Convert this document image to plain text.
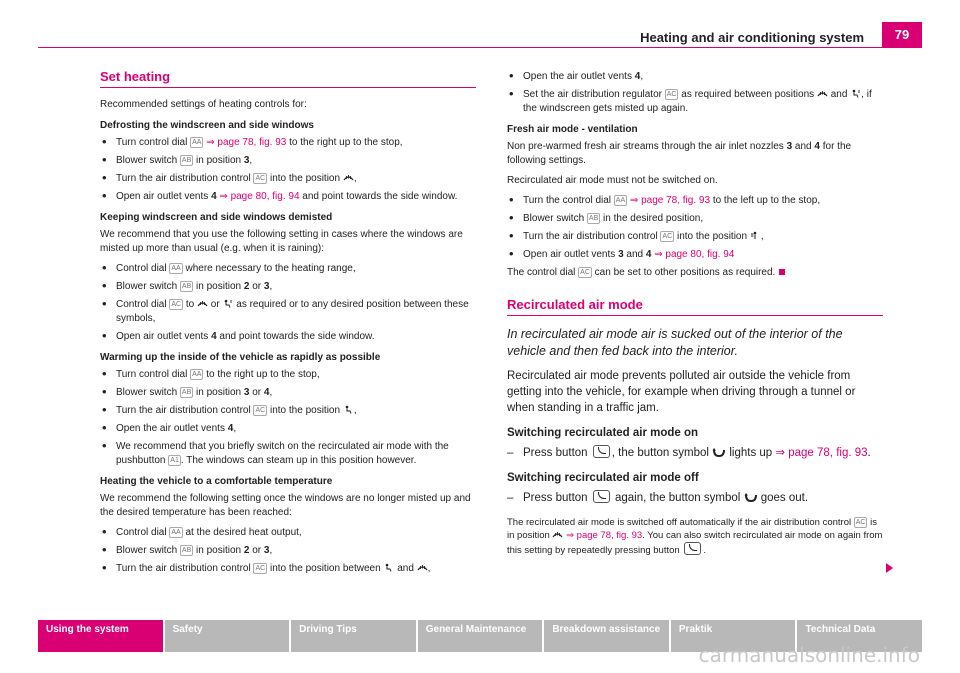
Heating and air conditioning system	79
Set heating

Recommended settings of heating controls for:

Defrosting the windscreen and side windows
• Turn control dial AA ⇒ page 78, fig. 93 to the right up to the stop,
• Blower switch AB in position 3,
• Turn the air distribution control AC into the position ,
• Open air outlet vents 4 ⇒ page 80, fig. 94 and point towards the side window.
Keeping windscreen and side windows demisted

We recommend that you use the following setting in cases where the windows are misted up more than usual (e.g. when it is raining):

• Control dial AA where necessary to the heating range,
• Blower switch AB in position 2 or 3,
• Control dial AC to or as required or to any desired position between these symbols,
• Open air outlet vents 4 and point towards the side window.
Warming up the inside of the vehicle as rapidly as possible
• Turn control dial AA to the right up to the stop,
• Blower switch AB in position 3 or 4,
• Turn the air distribution control AC into the position ,
• Open the air outlet vents 4,
• We recommend that you briefly switch on the recirculated air mode with the pushbutton A1 . The windows can steam up in this position however.
Heating the vehicle to a comfortable temperature

We recommend the following setting once the windows are no longer misted up and the desired temperature has been reached:

• Control dial AA at the desired heat output,
• Blower switch AB in position 2 or 3,
• Turn the air distribution control AC into the position between and ,
• Open the air outlet vents 4,
• Set the air distribution regulator AC as required between positions and , if the windscreen gets misted up again.
Fresh air mode - ventilation

Non pre-warmed fresh air streams through the air inlet nozzles 3 and 4 for the following settings.

Recirculated air mode must not be switched on.

• Turn the control dial AA ⇒ page 78, fig. 93 to the left up to the stop,
• Blower switch AB in the desired position,
• Turn the air distribution control AC into the position ,
• Open air outlet vents 3 and 4 ⇒ page 80, fig. 94

The control dial AC can be set to other positions as required.

Recirculated air mode

In recirculated air mode air is sucked out of the interior of the vehicle and then fed back into the interior.

Recirculated air mode prevents polluted air outside the vehicle from getting into the vehicle, for example when driving through a tunnel or when standing in a traffic jam.

Switching recirculated air mode on
– Press button , the button symbol lights up ⇒ page 78, fig. 93.
Switching recirculated air mode off
– Press button again, the button symbol goes out.

The recirculated air mode is switched off automatically if the air distribution control AC is in position ⇒ page 78, fig. 93. You can also switch recirculated air mode on again from this setting by repeatedly pressing button .

Using the system	Safety	Driving Tips	General Maintenance	Breakdown assistance	Praktik	Technical Data
carmanualsonline.info
